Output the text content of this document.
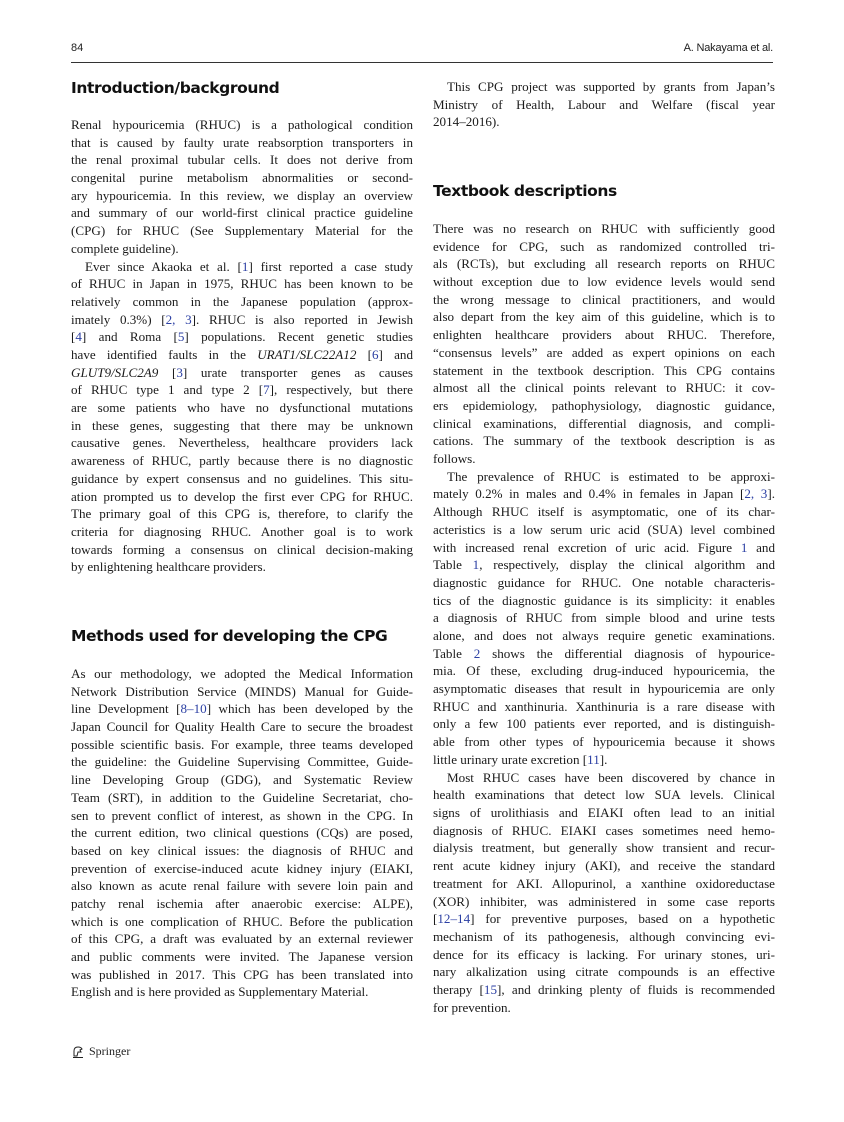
84	A. Nakayama et al.
Introduction/background
Renal hypouricemia (RHUC) is a pathological condition
that is caused by faulty urate reabsorption transporters in
the renal proximal tubular cells. It does not derive from
congenital purine metabolism abnormalities or second-
ary hypouricemia. In this review, we display an overview
and summary of our world-first clinical practice guideline
(CPG) for RHUC (See Supplementary Material for the
complete guideline).
Ever since Akaoka et al. [1] first reported a case study
of RHUC in Japan in 1975, RHUC has been known to be
relatively common in the Japanese population (approx-
imately 0.3%) [2, 3]. RHUC is also reported in Jewish
[4] and Roma [5] populations. Recent genetic studies
have identified faults in the URAT1/SLC22A12 [6] and
GLUT9/SLC2A9 [3] urate transporter genes as causes
of RHUC type 1 and type 2 [7], respectively, but there
are some patients who have no dysfunctional mutations
in these genes, suggesting that there may be unknown
causative genes. Nevertheless, healthcare providers lack
awareness of RHUC, partly because there is no diagnostic
guidance by expert consensus and no guidelines. This situ-
ation prompted us to develop the first ever CPG for RHUC.
The primary goal of this CPG is, therefore, to clarify the
criteria for diagnosing RHUC. Another goal is to work
towards forming a consensus on clinical decision-making
by enlightening healthcare providers.
Methods used for developing the CPG
As our methodology, we adopted the Medical Information
Network Distribution Service (MINDS) Manual for Guide-
line Development [8–10] which has been developed by the
Japan Council for Quality Health Care to secure the broadest
possible scientific basis. For example, three teams developed
the guideline: the Guideline Supervising Committee, Guide-
line Developing Group (GDG), and Systematic Review
Team (SRT), in addition to the Guideline Secretariat, cho-
sen to prevent conflict of interest, as shown in the CPG. In
the current edition, two clinical questions (CQs) are posed,
based on key clinical issues: the diagnosis of RHUC and
prevention of exercise-induced acute kidney injury (EIAKI,
also known as acute renal failure with severe loin pain and
patchy renal ischemia after anaerobic exercise: ALPE),
which is one complication of RHUC. Before the publication
of this CPG, a draft was evaluated by an external reviewer
and public comments were invited. The Japanese version
was published in 2017. This CPG has been translated into
English and is here provided as Supplementary Material.
This CPG project was supported by grants from Japan’s
Ministry of Health, Labour and Welfare (fiscal year
2014–2016).
Textbook descriptions
There was no research on RHUC with sufficiently good
evidence for CPG, such as randomized controlled tri-
als (RCTs), but excluding all research reports on RHUC
without exception due to low evidence levels would send
the wrong message to clinical practitioners, and would
also depart from the key aim of this guideline, which is to
enlighten healthcare providers about RHUC. Therefore,
“consensus levels” are added as expert opinions on each
statement in the textbook description. This CPG contains
almost all the clinical points relevant to RHUC: it cov-
ers epidemiology, pathophysiology, diagnostic guidance,
clinical examinations, differential diagnosis, and compli-
cations. The summary of the textbook description is as
follows.
The prevalence of RHUC is estimated to be approxi-
mately 0.2% in males and 0.4% in females in Japan [2, 3].
Although RHUC itself is asymptomatic, one of its char-
acteristics is a low serum uric acid (SUA) level combined
with increased renal excretion of uric acid. Figure 1 and
Table 1, respectively, display the clinical algorithm and
diagnostic guidance for RHUC. One notable characteris-
tics of the diagnostic guidance is its simplicity: it enables
a diagnosis of RHUC from simple blood and urine tests
alone, and does not always require genetic examinations.
Table 2 shows the differential diagnosis of hypourice-
mia. Of these, excluding drug-induced hypouricemia, the
asymptomatic diseases that result in hypouricemia are only
RHUC and xanthinuria. Xanthinuria is a rare disease with
only a few 100 patients ever reported, and is distinguish-
able from other types of hypouricemia because it shows
little urinary urate excretion [11].
Most RHUC cases have been discovered by chance in
health examinations that detect low SUA levels. Clinical
signs of urolithiasis and EIAKI often lead to an initial
diagnosis of RHUC. EIAKI cases sometimes need hemo-
dialysis treatment, but generally show transient and recur-
rent acute kidney injury (AKI), and receive the standard
treatment for AKI. Allopurinol, a xanthine oxidoreductase
(XOR) inhibiter, was administered in some case reports
[12–14] for preventive purposes, based on a hypothetic
mechanism of its pathogenesis, although convincing evi-
dence for its efficacy is lacking. For urinary stones, uri-
nary alkalization using citrate compounds is an effective
therapy [15], and drinking plenty of fluids is recommended
for prevention.
Springer
